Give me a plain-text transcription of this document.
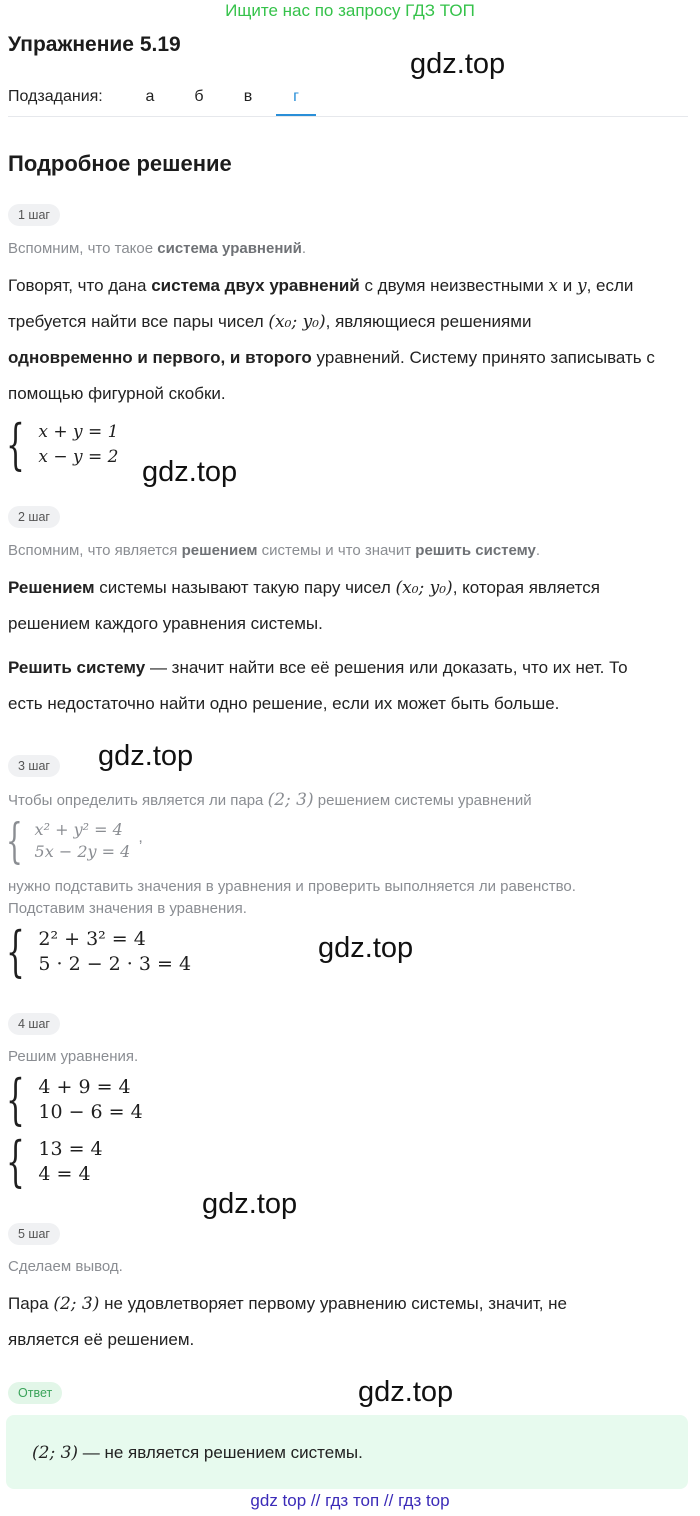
Ищите нас по запросу ГДЗ ТОП
Упражнение 5.19
gdz.top
Подзадания:	а	б	в	г
Подробное решение
1 шаг
Вспомним, что такое система уравнений.
Говорят, что дана система двух уравнений с двумя неизвестными x и y, если
требуется найти все пары чисел (x₀; y₀), являющиеся решениями
одновременно и первого, и второго уравнений. Систему принято записывать с
помощью фигурной скобки.
{ x + y = 1
x − y = 2 gdz.top
2 шаг
Вспомним, что является решением системы и что значит решить систему.
Решением системы называют такую пару чисел (x₀; y₀), которая является
решением каждого уравнения системы.
Решить систему — значит найти все её решения или доказать, что их нет. То
есть недостаточно найти одно решение, если их может быть больше.
3 шаг	gdz.top
Чтобы определить является ли пара (2; 3) решением системы уравнений
{ x² + y² = 4
5x − 2y = 4
,
нужно подставить значения в уравнения и проверить выполняется ли равенство.
Подставим значения в уравнения.
{ 2² + 3² = 4
5 · 2 − 2 · 3 = 4	gdz.top
4 шаг
Решим уравнения.
{ 4 + 9 = 4
10 − 6 = 4
{ 13 = 4
4 = 4
gdz.top
5 шаг
Сделаем вывод.
Пара (2; 3) не удовлетворяет первому уравнению системы, значит, не
является её решением.
Ответ	gdz.top
(2; 3) — не является решением системы.
gdz top // гдз топ // гдз top
